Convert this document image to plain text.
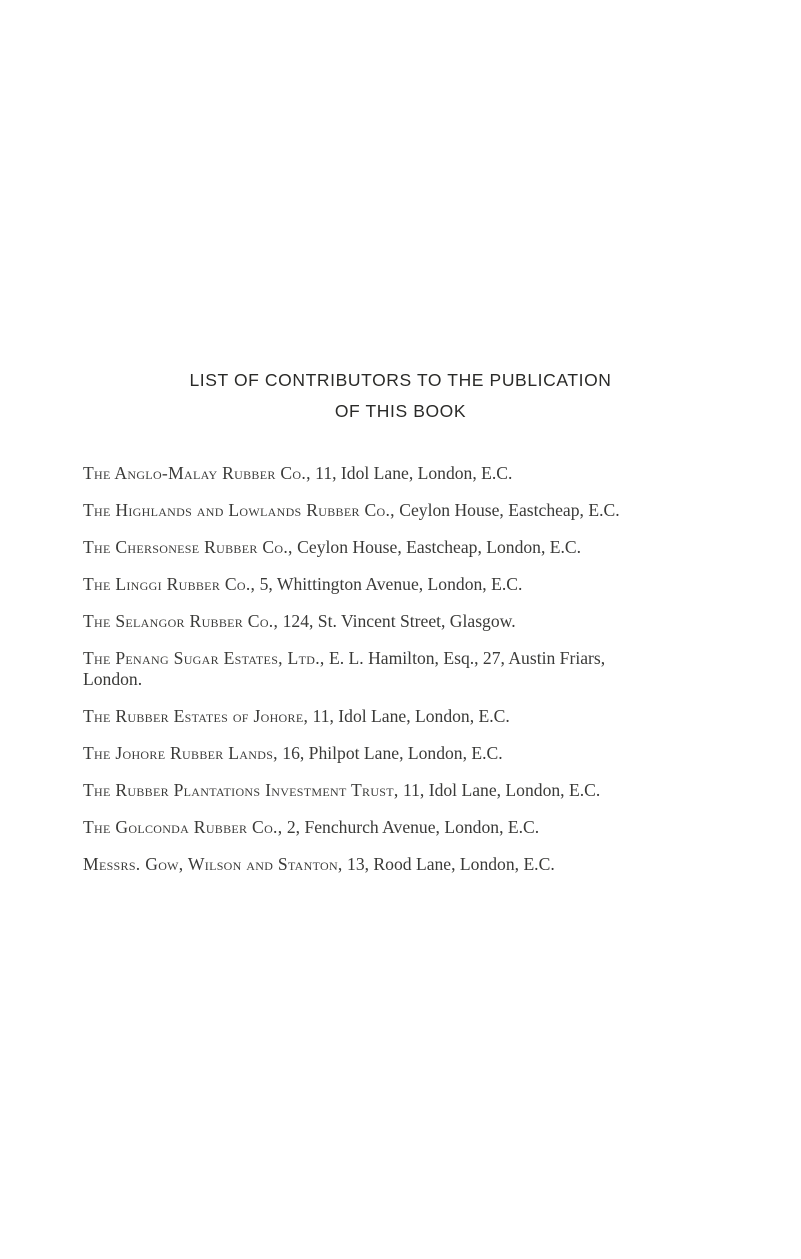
LIST OF CONTRIBUTORS TO THE PUBLICATION
OF THIS BOOK
The Anglo-Malay Rubber Co., 11, Idol Lane, London, E.C.
The Highlands and Lowlands Rubber Co., Ceylon House, Eastcheap, E.C.
The Chersonese Rubber Co., Ceylon House, Eastcheap, London, E.C.
The Linggi Rubber Co., 5, Whittington Avenue, London, E.C.
The Selangor Rubber Co., 124, St. Vincent Street, Glasgow.
The Penang Sugar Estates, Ltd., E. L. Hamilton, Esq., 27, Austin Friars,
London.
The Rubber Estates of Johore, 11, Idol Lane, London, E.C.
The Johore Rubber Lands, 16, Philpot Lane, London, E.C.
The Rubber Plantations Investment Trust, 11, Idol Lane, London, E.C.
The Golconda Rubber Co., 2, Fenchurch Avenue, London, E.C.
Messrs. Gow, Wilson and Stanton, 13, Rood Lane, London, E.C.
